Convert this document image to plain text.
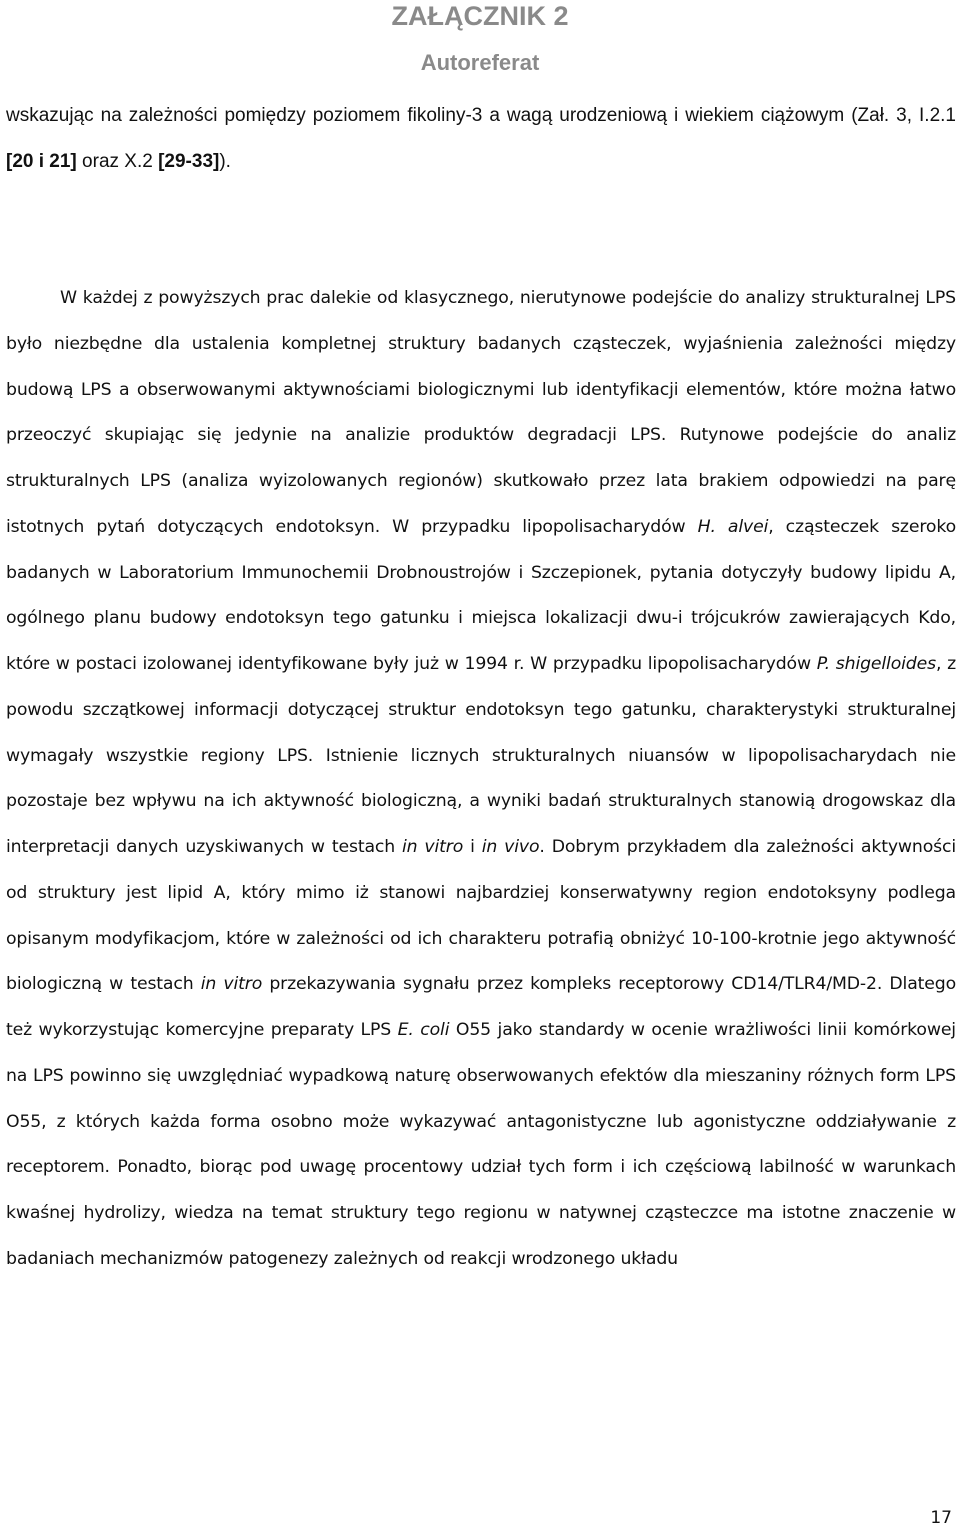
ZAŁĄCZNIK 2
Autoreferat

wskazując na zależności pomiędzy poziomem fikoliny-3 a wagą urodzeniową i wiekiem ciążowym (Zał. 3, I.2.1 [20 i 21] oraz X.2 [29-33]).

W każdej z powyższych prac dalekie od klasycznego, nierutynowe podejście do analizy strukturalnej LPS było niezbędne dla ustalenia kompletnej struktury badanych cząsteczek, wyjaśnienia zależności między budową LPS a obserwowanymi aktywnościami biologicznymi lub identyfikacji elementów, które można łatwo przeoczyć skupiając się jedynie na analizie produktów degradacji LPS. Rutynowe podejście do analiz strukturalnych LPS (analiza wyizolowanych regionów) skutkowało przez lata brakiem odpowiedzi na parę istotnych pytań dotyczących endotoksyn. W przypadku lipopolisacharydów H. alvei, cząsteczek szeroko badanych w Laboratorium Immunochemii Drobnoustrojów i Szczepionek, pytania dotyczyły budowy lipidu A, ogólnego planu budowy endotoksyn tego gatunku i miejsca lokalizacji dwu-i trójcukrów zawierających Kdo, które w postaci izolowanej identyfikowane były już w 1994 r. W przypadku lipopolisacharydów P. shigelloides, z powodu szczątkowej informacji dotyczącej struktur endotoksyn tego gatunku, charakterystyki strukturalnej wymagały wszystkie regiony LPS. Istnienie licznych strukturalnych niuansów w lipopolisacharydach nie pozostaje bez wpływu na ich aktywność biologiczną, a wyniki badań strukturalnych stanowią drogowskaz dla interpretacji danych uzyskiwanych w testach in vitro i in vivo. Dobrym przykładem dla zależności aktywności od struktury jest lipid A, który mimo iż stanowi najbardziej konserwatywny region endotoksyny podlega opisanym modyfikacjom, które w zależności od ich charakteru potrafią obniżyć 10-100-krotnie jego aktywność biologiczną w testach in vitro przekazywania sygnału przez kompleks receptorowy CD14/TLR4/MD-2. Dlatego też wykorzystując komercyjne preparaty LPS E. coli O55 jako standardy w ocenie wrażliwości linii komórkowej na LPS powinno się uwzględniać wypadkową naturę obserwowanych efektów dla mieszaniny różnych form LPS O55, z których każda forma osobno może wykazywać antagonistyczne lub agonistyczne oddziaływanie z receptorem. Ponadto, biorąc pod uwagę procentowy udział tych form i ich częściową labilność w warunkach kwaśnej hydrolizy, wiedza na temat struktury tego regionu w natywnej cząsteczce ma istotne znaczenie w badaniach mechanizmów patogenezy zależnych od reakcji wrodzonego układu

17
